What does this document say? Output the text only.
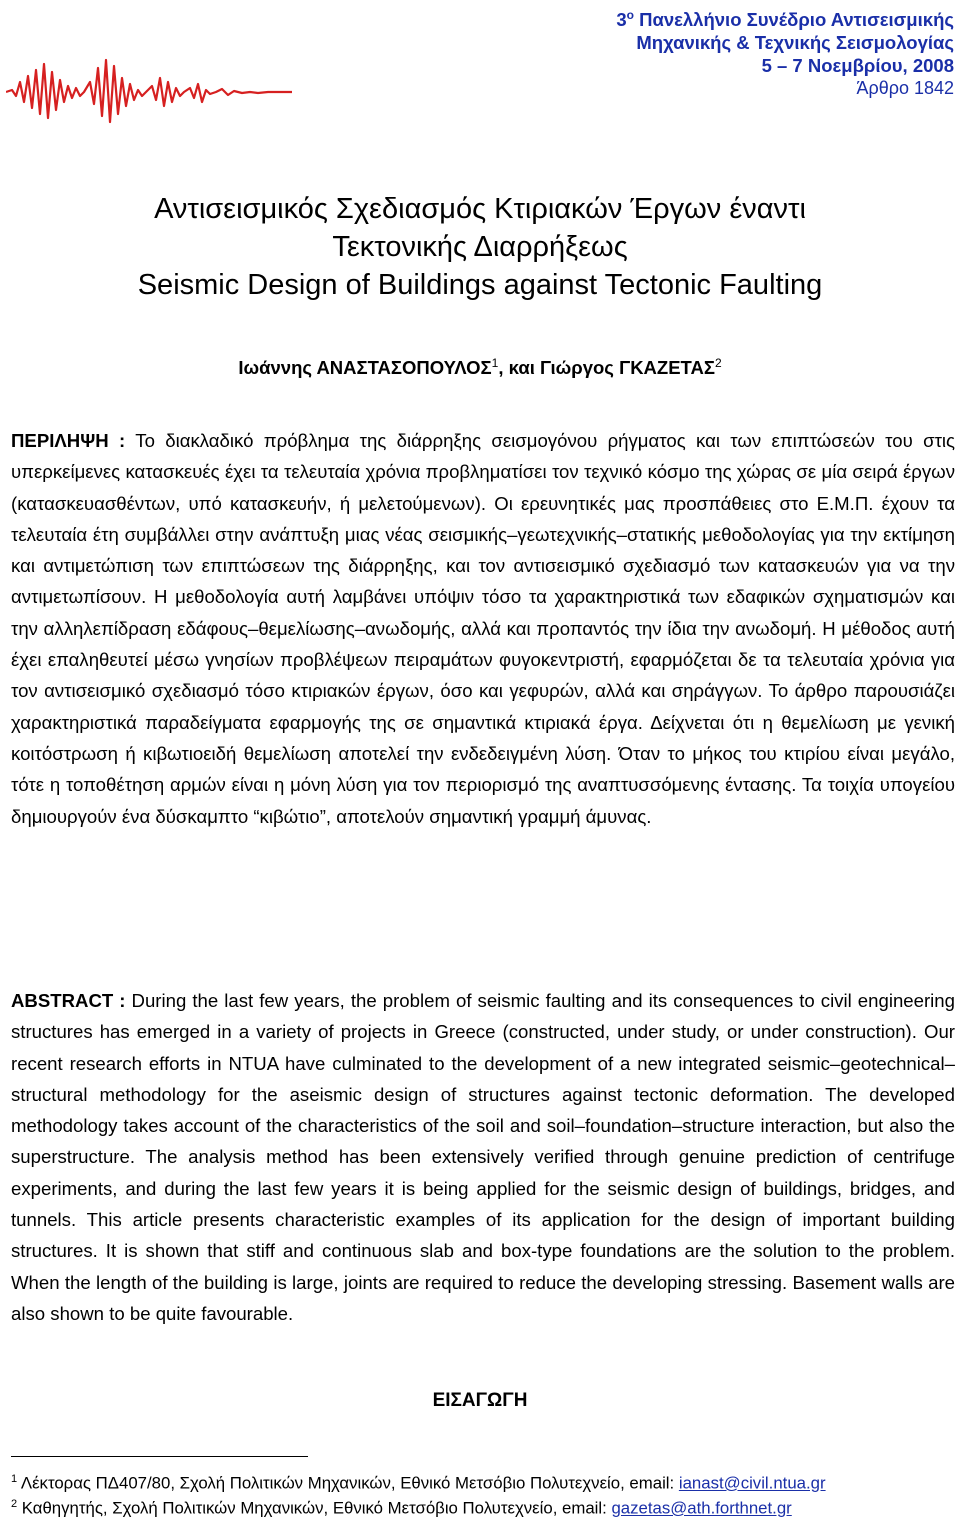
$3^o$ Πανελλήνιο Συνέδριο Αντισεισμικής
Μηχανικής & Τεχνικής Σεισμολογίας
5 – 7 Νοεμβρίου, 2008
Άρθρο 1842
Αντισεισμικός Σχεδιασμός Κτιριακών Έργων έναντι
Τεκτονικής Διαρρήξεως
Seismic Design of Buildings against Tectonic Faulting
Ιωάννης ΑΝΑΣΤΑΣΟΠΟΥΛΟΣ$^1$, και Γιώργος ΓΚΑΖΕΤΑΣ$^2$
ΠΕΡΙΛΗΨΗ : Το διακλαδικό πρόβλημα της διάρρηξης σεισμογόνου ρήγματος και των επιπτώσεών του στις υπερκείμενες κατασκευές έχει τα τελευταία χρόνια προβληματίσει τον τεχνικό κόσμο της χώρας σε μία σειρά έργων (κατασκευασθέντων, υπό κατασκευήν, ή μελετούμενων). Οι ερευνητικές μας προσπάθειες στο Ε.Μ.Π. έχουν τα τελευταία έτη συμβάλλει στην ανάπτυξη μιας νέας σεισμικής–γεωτεχνικής–στατικής μεθοδολογίας για την εκτίμηση και αντιμετώπιση των επιπτώσεων της διάρρηξης, και τον αντισεισμικό σχεδιασμό των κατασκευών για να την αντιμετωπίσουν. Η μεθοδολογία αυτή λαμβάνει υπόψιν τόσο τα χαρακτηριστικά των εδαφικών σχηματισμών και την αλληλεπίδραση εδάφους–θεμελίωσης–ανωδομής, αλλά και προπαντός την ίδια την ανωδομή. Η μέθοδος αυτή έχει επαληθευτεί μέσω γνησίων προβλέψεων πειραμάτων φυγοκεντριστή, εφαρμόζεται δε τα τελευταία χρόνια για τον αντισεισμικό σχεδιασμό τόσο κτιριακών έργων, όσο και γεφυρών, αλλά και σηράγγων. Το άρθρο παρουσιάζει χαρακτηριστικά παραδείγματα εφαρμογής της σε σημαντικά κτιριακά έργα. Δείχνεται ότι η θεμελίωση με γενική κοιτόστρωση ή κιβωτιοειδή θεμελίωση αποτελεί την ενδεδειγμένη λύση. Όταν το μήκος του κτιρίου είναι μεγάλο, τότε η τοποθέτηση αρμών είναι η μόνη λύση για τον περιορισμό της αναπτυσσόμενης έντασης. Τα τοιχία υπογείου δημιουργούν ένα δύσκαμπτο “κιβώτιο”, αποτελούν σημαντική γραμμή άμυνας.
ABSTRACT : During the last few years, the problem of seismic faulting and its consequences to civil engineering structures has emerged in a variety of projects in Greece (constructed, under study, or under construction). Our recent research efforts in NTUA have culminated to the development of a new integrated seismic–geotechnical–structural methodology for the aseismic design of structures against tectonic deformation. The developed methodology takes account of the characteristics of the soil and soil–foundation–structure interaction, but also the superstructure. The analysis method has been extensively verified through genuine prediction of centrifuge experiments, and during the last few years it is being applied for the seismic design of buildings, bridges, and tunnels. This article presents characteristic examples of its application for the design of important building structures. It is shown that stiff and continuous slab and box-type foundations are the solution to the problem. When the length of the building is large, joints are required to reduce the developing stressing. Basement walls are also shown to be quite favourable.
ΕΙΣΑΓΩΓΗ
$^1$ Λέκτορας ΠΔ407/80, Σχολή Πολιτικών Μηχανικών, Εθνικό Μετσόβιο Πολυτεχνείο, email: ianast@civil.ntua.gr
$^2$ Καθηγητής, Σχολή Πολιτικών Μηχανικών, Εθνικό Μετσόβιο Πολυτεχνείο, email: gazetas@ath.forthnet.gr
